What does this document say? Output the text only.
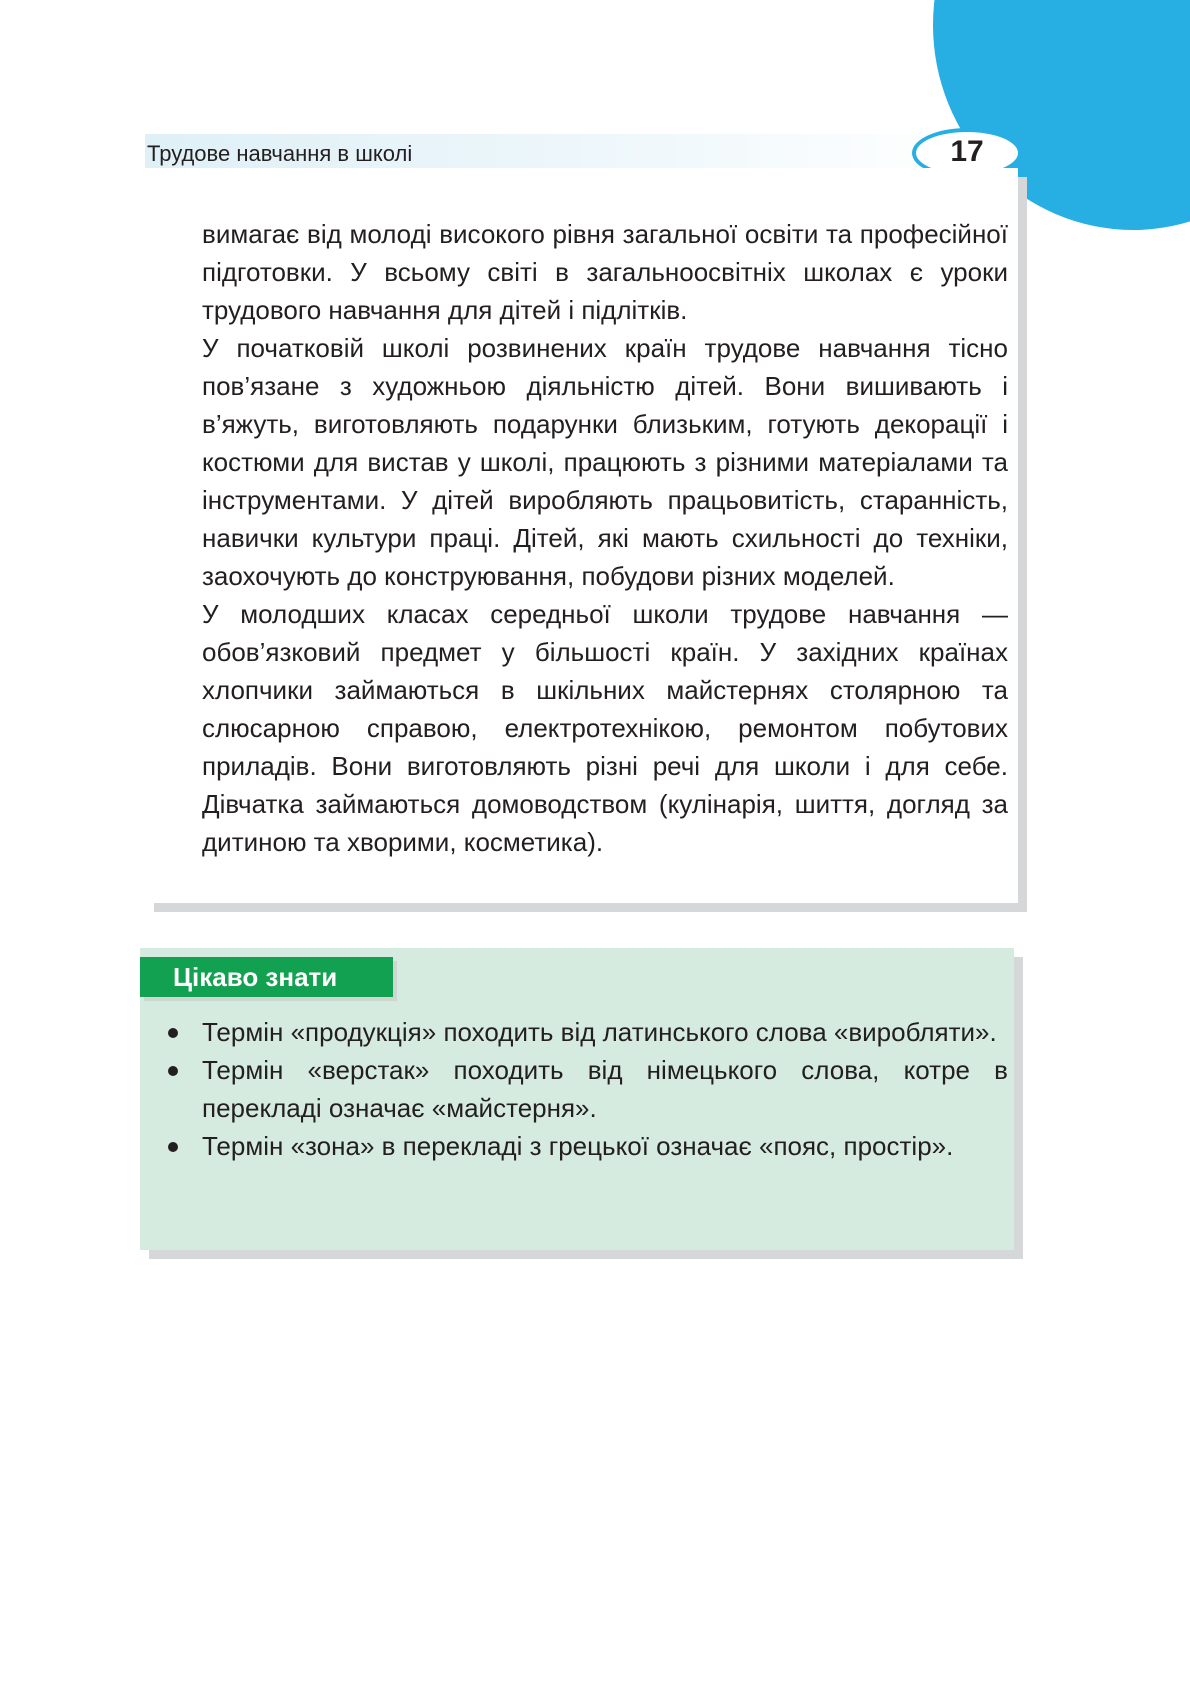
Трудове навчання в школі	17

вимагає від молоді високого рівня загальної освіти та професійної підготовки. У всьому світі в загальноосвітніх школах є уроки трудового навчання для дітей і підлітків.

У початковій школі розвинених країн трудове навчання тісно пов’язане з художньою діяльністю дітей. Вони вишивають і в’яжуть, виготовляють подарунки близьким, готують декорації і костюми для вистав у школі, працюють з різними матеріалами та інструментами. У дітей виробляють працьовитість, старанність, навички культури праці. Дітей, які мають схильності до техніки, заохочують до конструювання, побудови різних моделей.

У молодших класах середньої школи трудове навчання — обов’язковий предмет у більшості країн. У західних країнах хлопчики займаються в шкільних майстернях столярною та слюсарною справою, електротехнікою, ремонтом побутових приладів. Вони виготовляють різні речі для школи і для себе. Дівчатка займаються домоводством (кулінарія, шиття, догляд за дитиною та хворими, косметика).

Цікаво знати
Термін «продукція» походить від латинського слова «виробляти».
Термін «верстак» походить від німецького слова, котре в перекладі означає «майстерня».
Термін «зона» в перекладі з грецької означає «пояс, простір».
